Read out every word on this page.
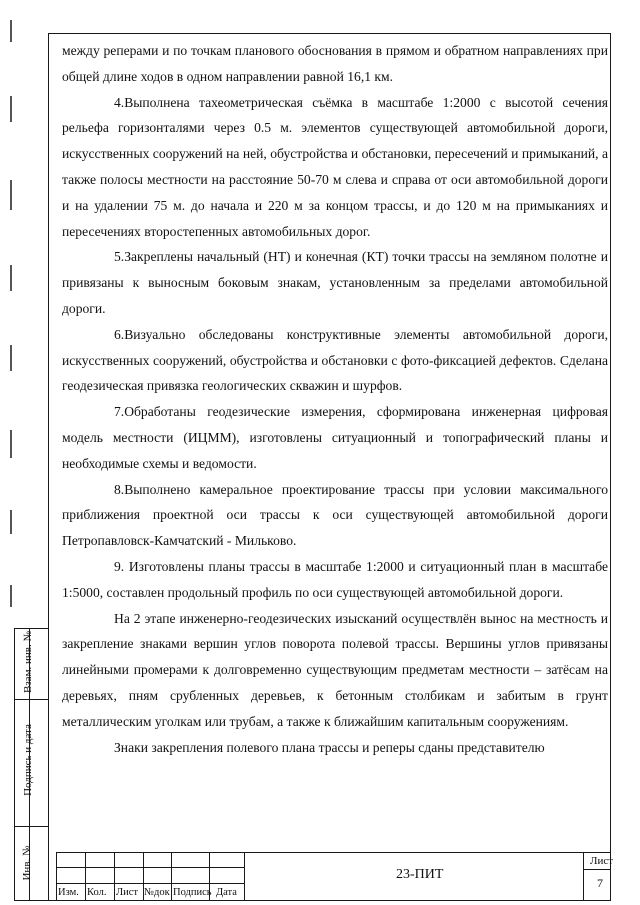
между реперами и по точкам планового обоснования в прямом и обратном направлениях при общей длине ходов в одном направлении равной 16,1 км.

4.Выполнена тахеометрическая съёмка в масштабе 1:2000 с высотой сечения рельефа горизонталями через 0.5 м. элементов существующей автомобильной дороги, искусственных сооружений на ней, обустройства и обстановки, пересечений и примыканий, а также полосы местности на расстояние 50-70 м слева и справа от оси автомобильной дороги и на удалении 75 м. до начала и 220 м за концом трассы, и до 120 м на примыканиях и пересечениях второстепенных автомобильных дорог.

5.Закреплены начальный (НТ) и конечная (КТ) точки трассы на земляном полотне и привязаны к выносным боковым знакам, установленным за пределами автомобильной дороги.

6.Визуально обследованы конструктивные элементы автомобильной дороги, искусственных сооружений, обустройства и обстановки с фото-фиксацией дефектов. Сделана геодезическая привязка геологических скважин и шурфов.

7.Обработаны геодезические измерения, сформирована инженерная цифровая модель местности (ИЦММ), изготовлены ситуационный и топографический планы и необходимые схемы и ведомости.

8.Выполнено камеральное проектирование трассы при условии максимального приближения проектной оси трассы к оси существующей автомобильной дороги Петропавловск-Камчатский - Мильково.

9. Изготовлены планы трассы в масштабе 1:2000 и ситуационный план в масштабе 1:5000, составлен продольный профиль по оси существующей автомобильной дороги.

На 2 этапе инженерно-геодезических изысканий осуществлён вынос на местность и закрепление знаками вершин углов поворота полевой трассы. Вершины углов привязаны линейными промерами к долговременно существующим предметам местности – затёсам на деревьях, пням срубленных деревьев, к бетонным столбикам и забитым в грунт металлическим уголкам или трубам, а также к ближайшим капитальным сооружениям.

Знаки закрепления полевого плана трассы и реперы сданы представителю

Взам. инв. №
Подпись и дата
Инв. №
Изм. Кол. Лист №док Подпись Дата
23-ПИТ
Лист
7
